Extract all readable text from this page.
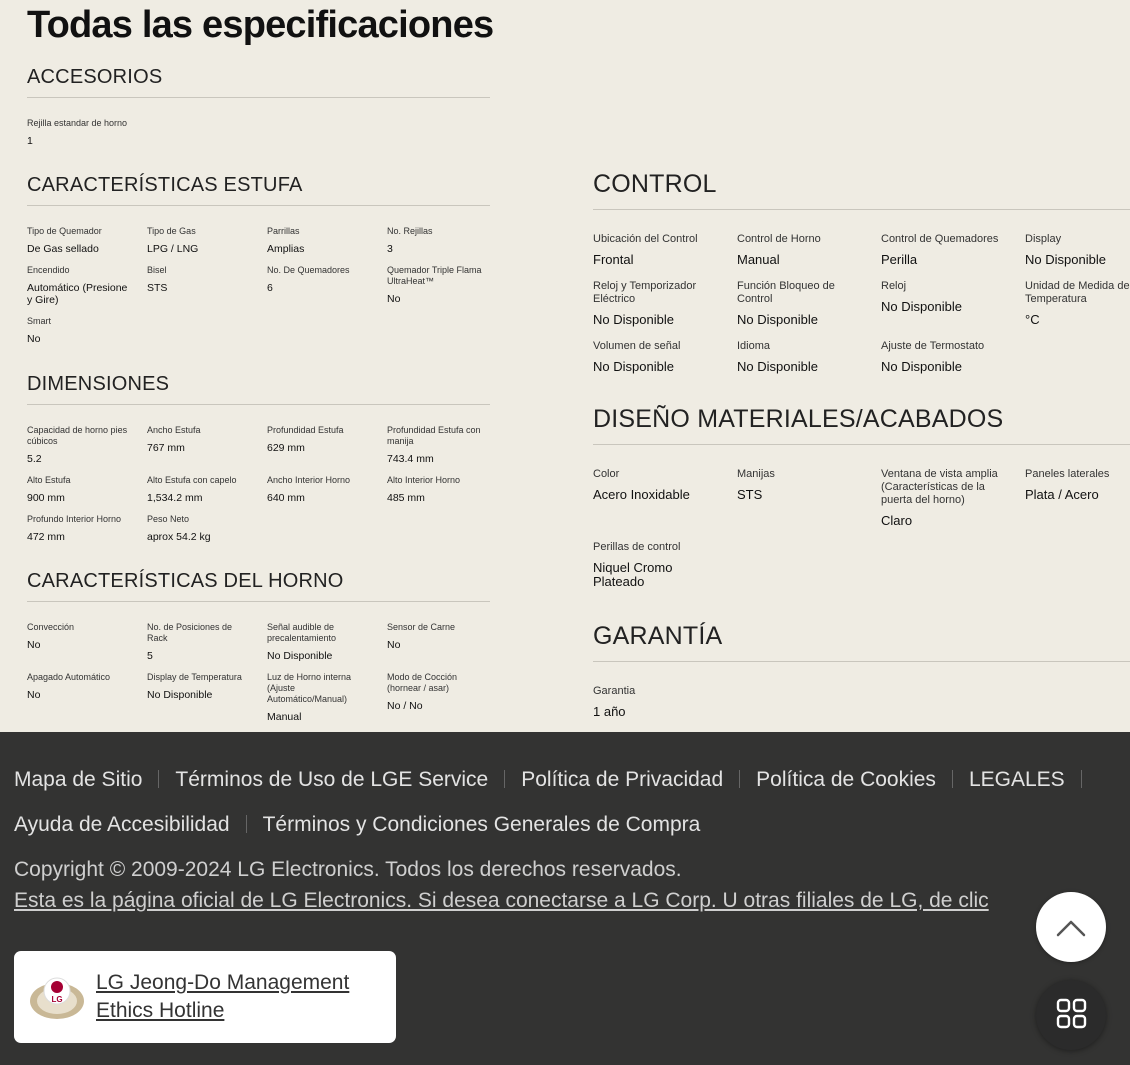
Todas las especificaciones
ACCESORIOS
Rejilla estandar de horno
1
CARACTERÍSTICAS ESTUFA
Tipo de Quemador
De Gas sellado
Tipo de Gas
LPG / LNG
Parrillas
Amplias
No. Rejillas
3
Encendido
Automático (Presione y Gire)
Bisel
STS
No. De Quemadores
6
Quemador Triple Flama UltraHeat™
No
Smart
No
DIMENSIONES
Capacidad de horno pies cúbicos
5.2
Ancho Estufa
767 mm
Profundidad Estufa
629 mm
Profundidad Estufa con manija
743.4 mm
Alto Estufa
900 mm
Alto Estufa con capelo
1,534.2 mm
Ancho Interior Horno
640 mm
Alto Interior Horno
485 mm
Profundo Interior Horno
472 mm
Peso Neto
aprox 54.2 kg
CARACTERÍSTICAS DEL HORNO
Convección
No
No. de Posiciones de Rack
5
Señal audible de precalentamiento
No Disponible
Sensor de Carne
No
Apagado Automático
No
Display de Temperatura
No Disponible
Luz de Horno interna (Ajuste Automático/Manual)
Manual
Modo de Cocción (hornear / asar)
No / No
CONTROL
Ubicación del Control
Frontal
Control de Horno
Manual
Control de Quemadores
Perilla
Display
No Disponible
Reloj y Temporizador Eléctrico
No Disponible
Función Bloqueo de Control
No Disponible
Reloj
No Disponible
Unidad de Medida de Temperatura
°C
Volumen de señal
No Disponible
Idioma
No Disponible
Ajuste de Termostato
No Disponible
DISEÑO MATERIALES/ACABADOS
Color
Acero Inoxidable
Manijas
STS
Ventana de vista amplia (Características de la puerta del horno)
Claro
Paneles laterales
Plata / Acero
Perillas de control
Niquel Cromo Plateado
GARANTÍA
Garantia
1 año
Mapa de Sitio Términos de Uso de LGE Service Política de Privacidad Política de Cookies LEGALES
Ayuda de Accesibilidad Términos y Condiciones Generales de Compra
Copyright © 2009-2024 LG Electronics. Todos los derechos reservados.
Esta es la página oficial de LG Electronics. Si desea conectarse a LG Corp. U otras filiales de LG, de clic
LG
LG Jeong-Do Management Ethics Hotline
